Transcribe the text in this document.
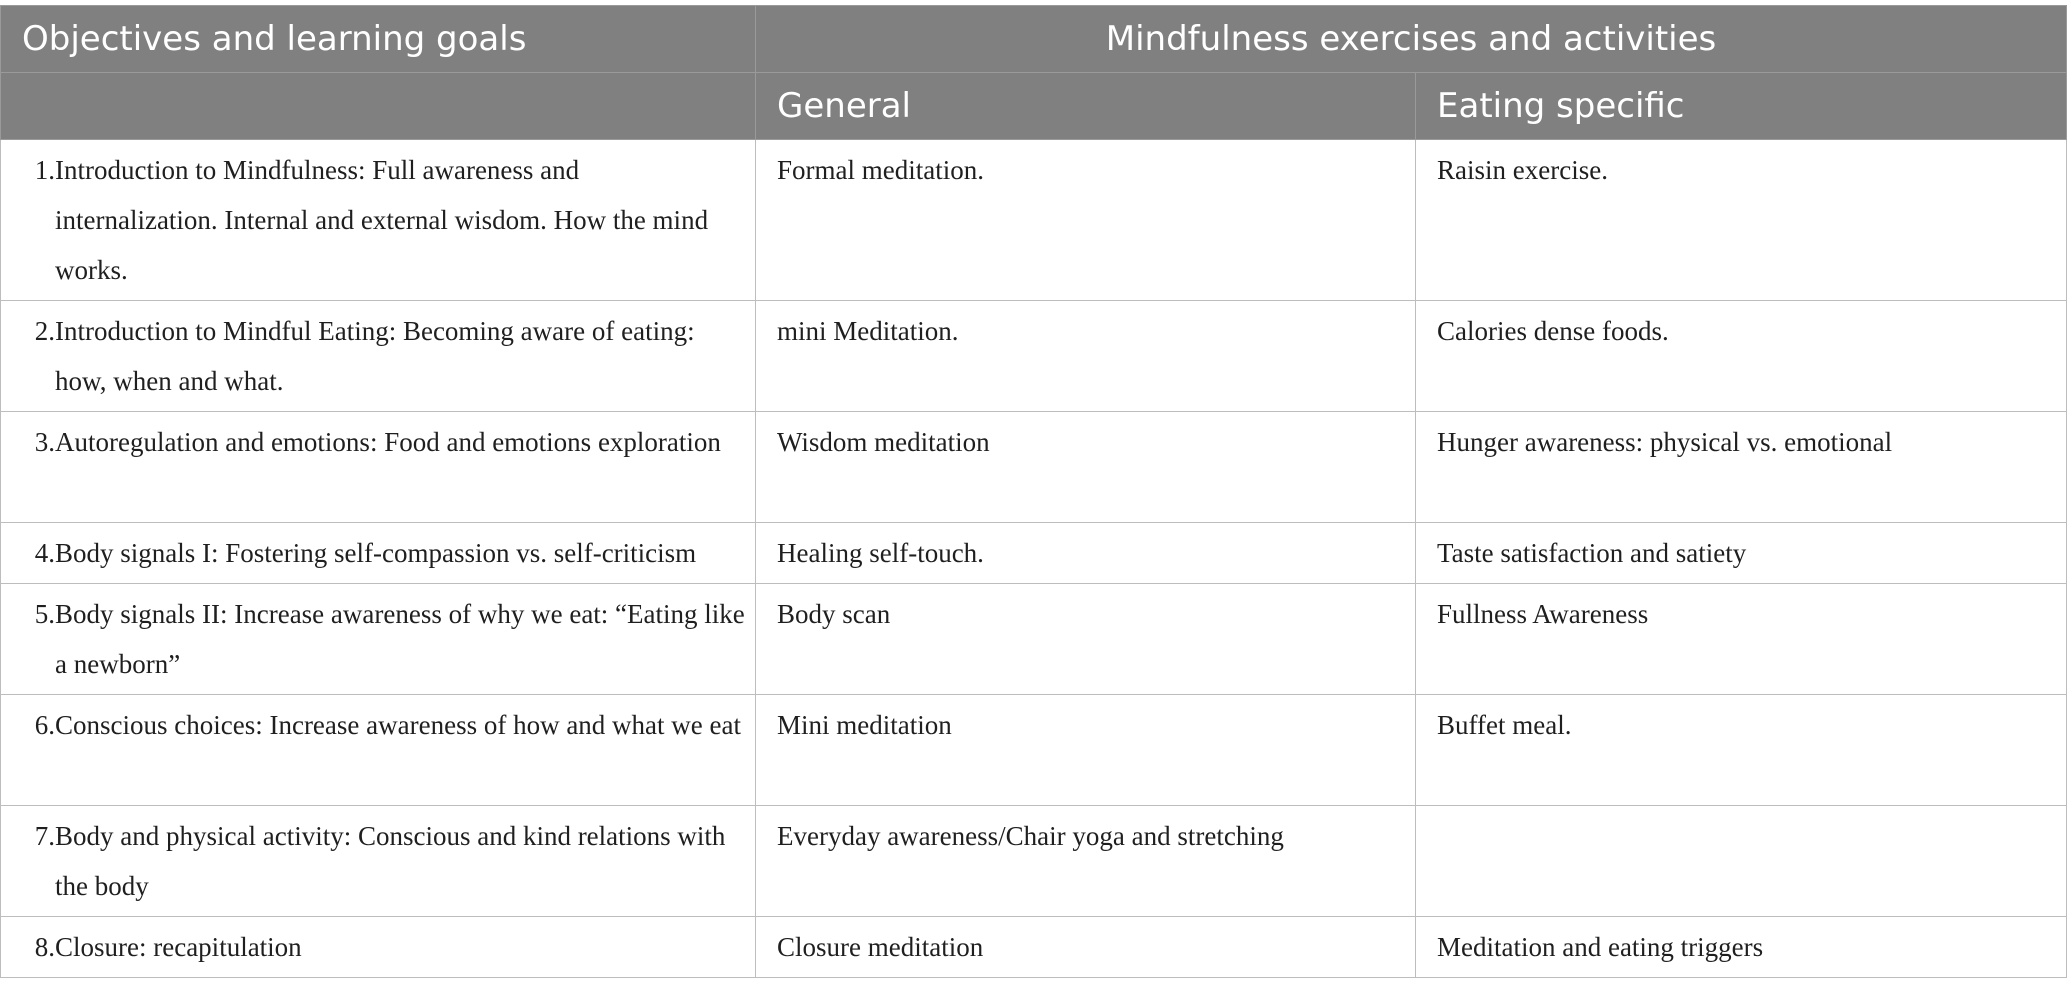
Objectives and learning goals	Mindfulness exercises and activities	
	General	Eating specific

1. Introduction to Mindfulness: Full awareness and internalization. Internal and external wisdom. How the mind works.	Formal meditation.	Raisin exercise.

2. Introduction to Mindful Eating: Becoming aware of eating: how, when and what.	mini Meditation.	Calories dense foods.

3. Autoregulation and emotions: Food and emotions exploration	Wisdom meditation	Hunger awareness: physical vs. emotional

4. Body signals I: Fostering self-compassion vs. self-criticism	Healing self-touch.	Taste satisfaction and satiety

5. Body signals II: Increase awareness of why we eat: “Eating like a newborn”	Body scan	Fullness Awareness

6. Conscious choices: Increase awareness of how and what we eat	Mini meditation	Buffet meal.

7. Body and physical activity: Conscious and kind relations with the body	Everyday awareness/Chair yoga and stretching	

8. Closure: recapitulation	Closure meditation	Meditation and eating triggers
